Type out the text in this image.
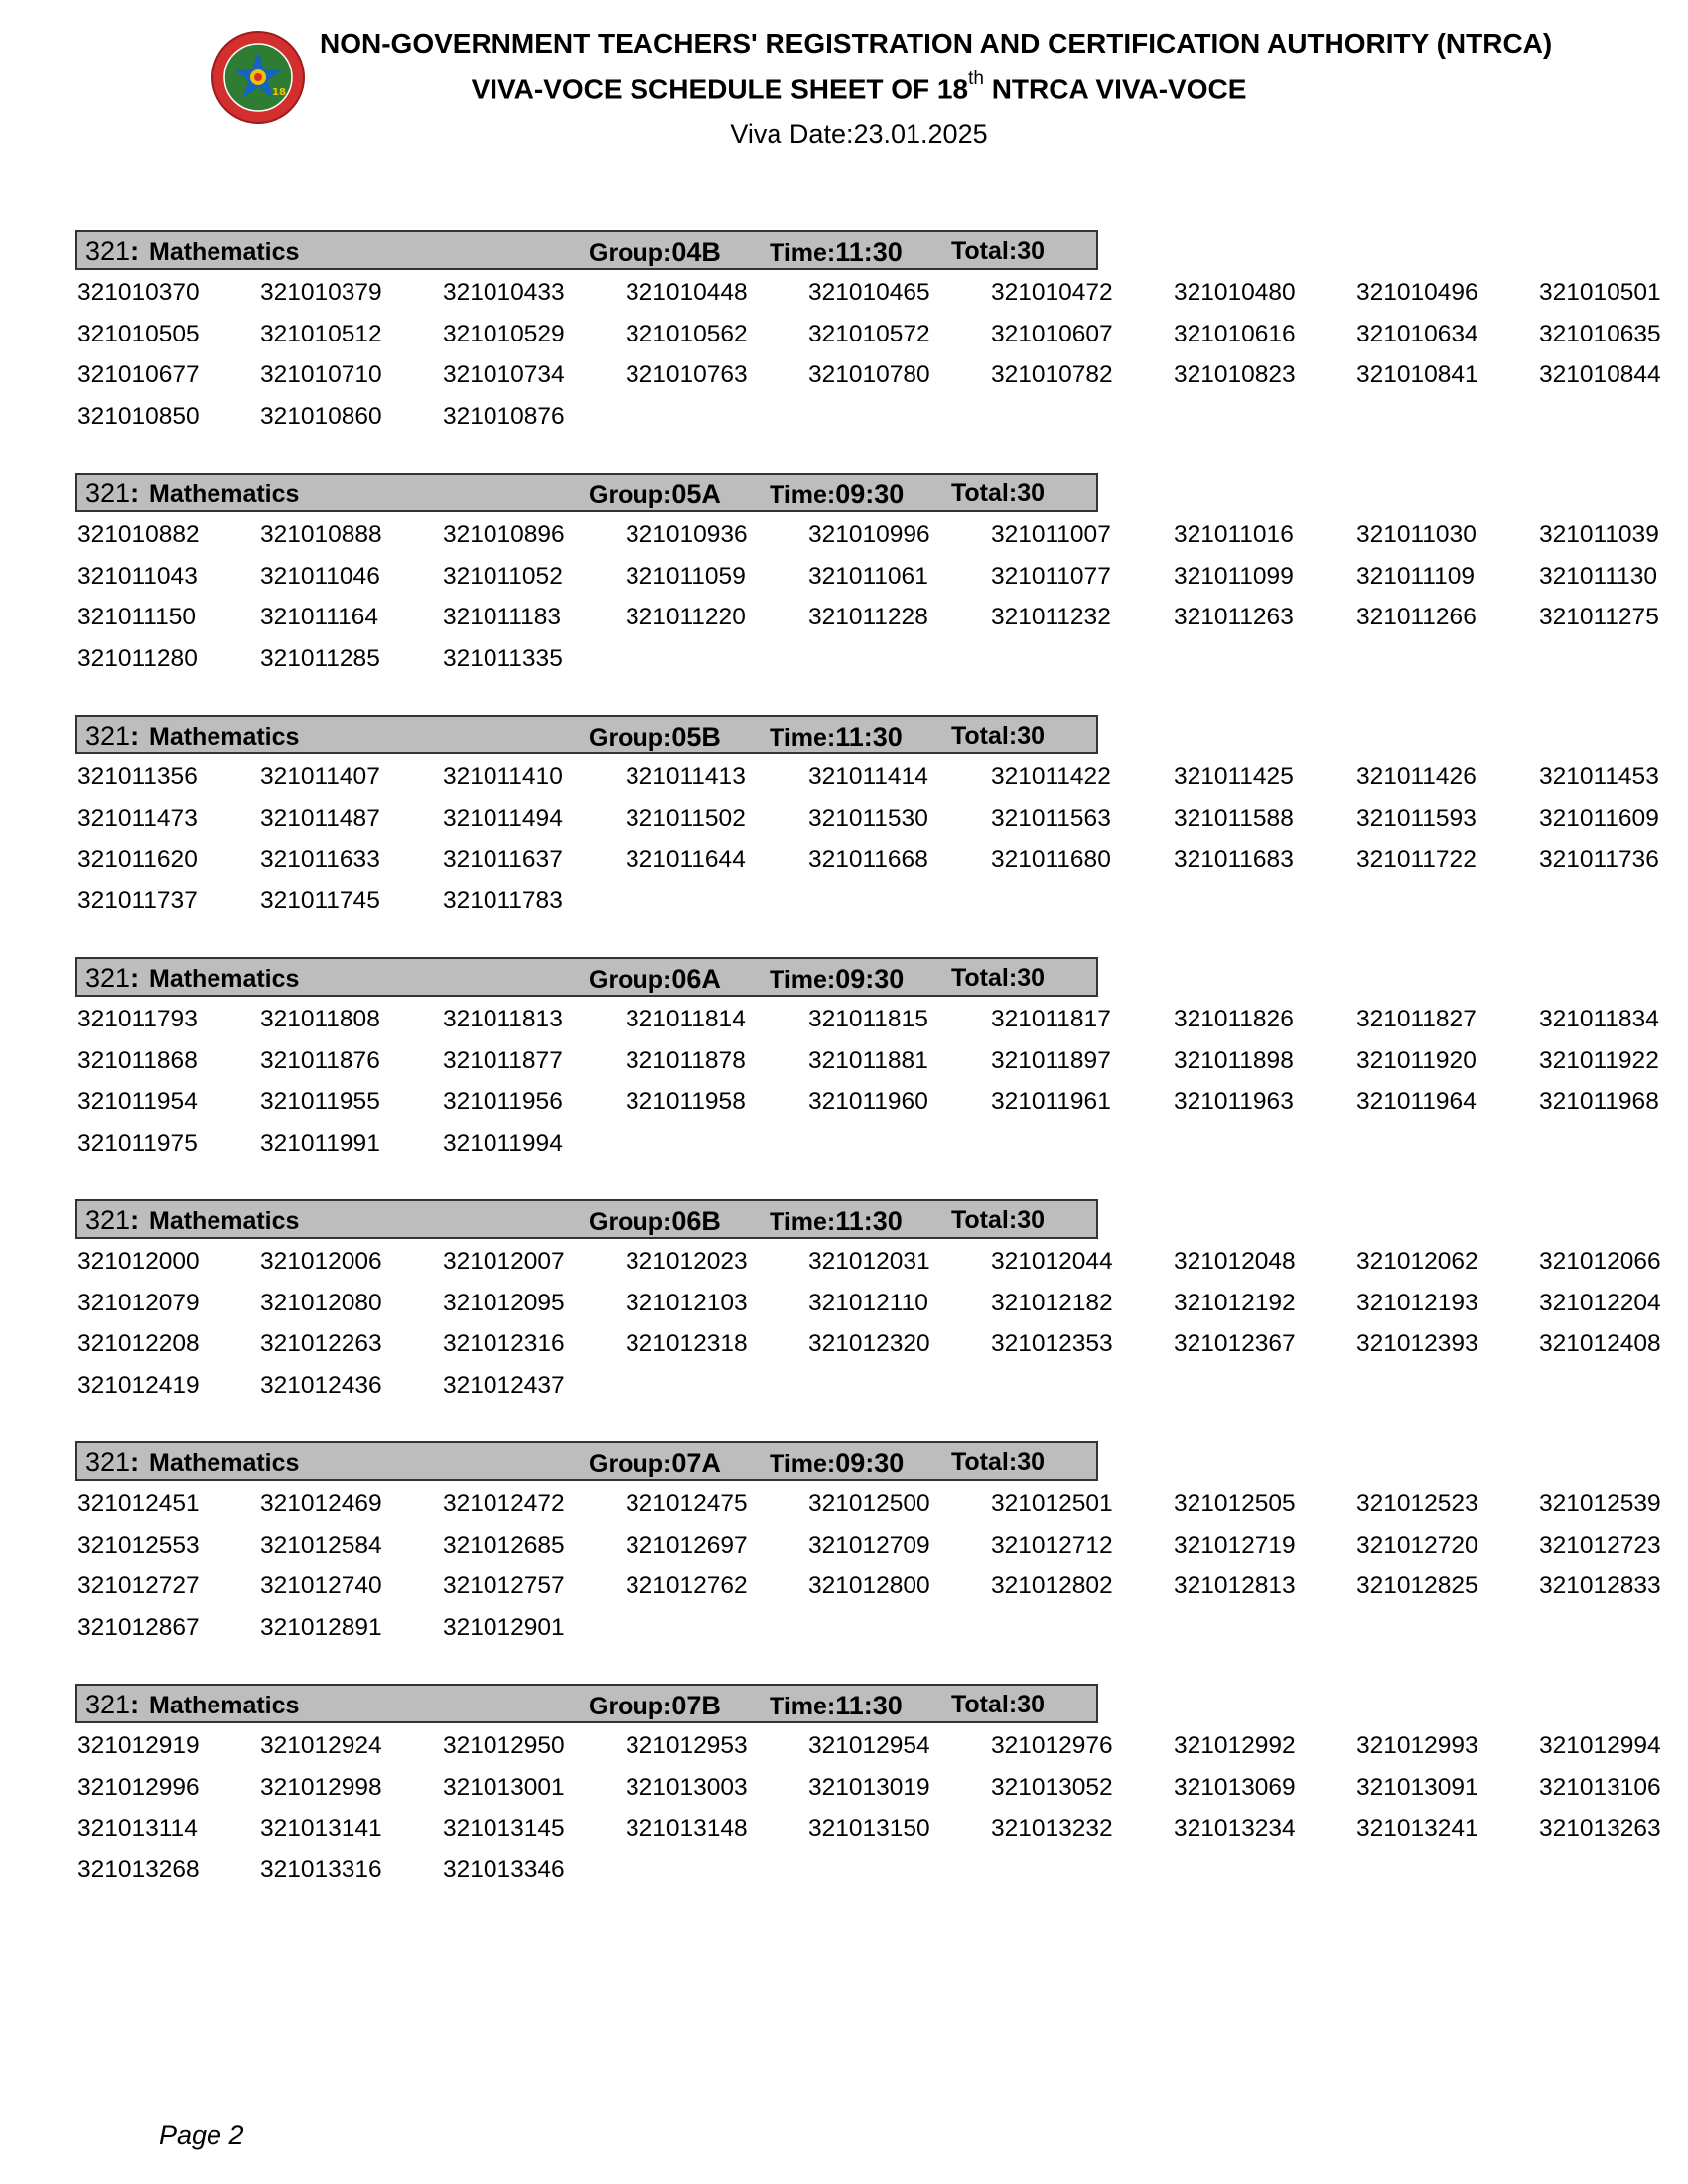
18
NON-GOVERNMENT TEACHERS' REGISTRATION AND CERTIFICATION AUTHORITY (NTRCA)
VIVA-VOCE SCHEDULE SHEET OF 18th NTRCA VIVA-VOCE
Viva Date:23.01.2025
321: Mathematics	Group:04B Time:11:30 Total:30
321010370	321010379	321010433	321010448	321010465	321010472	321010480	321010496	321010501
321010505	321010512	321010529	321010562	321010572	321010607	321010616	321010634	321010635
321010677	321010710	321010734	321010763	321010780	321010782	321010823	321010841	321010844
321010850	321010860	321010876
321: Mathematics	Group:05A Time:09:30 Total:30
321010882	321010888	321010896	321010936	321010996	321011007	321011016	321011030	321011039
321011043	321011046	321011052	321011059	321011061	321011077	321011099	321011109	321011130
321011150	321011164	321011183	321011220	321011228	321011232	321011263	321011266	321011275
321011280	321011285	321011335
321: Mathematics	Group:05B Time:11:30 Total:30
321011356	321011407	321011410	321011413	321011414	321011422	321011425	321011426	321011453
321011473	321011487	321011494	321011502	321011530	321011563	321011588	321011593	321011609
321011620	321011633	321011637	321011644	321011668	321011680	321011683	321011722	321011736
321011737	321011745	321011783
321: Mathematics	Group:06A Time:09:30 Total:30
321011793	321011808	321011813	321011814	321011815	321011817	321011826	321011827	321011834
321011868	321011876	321011877	321011878	321011881	321011897	321011898	321011920	321011922
321011954	321011955	321011956	321011958	321011960	321011961	321011963	321011964	321011968
321011975	321011991	321011994
321: Mathematics	Group:06B Time:11:30 Total:30
321012000	321012006	321012007	321012023	321012031	321012044	321012048	321012062	321012066
321012079	321012080	321012095	321012103	321012110	321012182	321012192	321012193	321012204
321012208	321012263	321012316	321012318	321012320	321012353	321012367	321012393	321012408
321012419	321012436	321012437
321: Mathematics	Group:07A Time:09:30 Total:30
321012451	321012469	321012472	321012475	321012500	321012501	321012505	321012523	321012539
321012553	321012584	321012685	321012697	321012709	321012712	321012719	321012720	321012723
321012727	321012740	321012757	321012762	321012800	321012802	321012813	321012825	321012833
321012867	321012891	321012901
321: Mathematics	Group:07B Time:11:30 Total:30
321012919	321012924	321012950	321012953	321012954	321012976	321012992	321012993	321012994
321012996	321012998	321013001	321013003	321013019	321013052	321013069	321013091	321013106
321013114	321013141	321013145	321013148	321013150	321013232	321013234	321013241	321013263
321013268	321013316	321013346
Page 2
